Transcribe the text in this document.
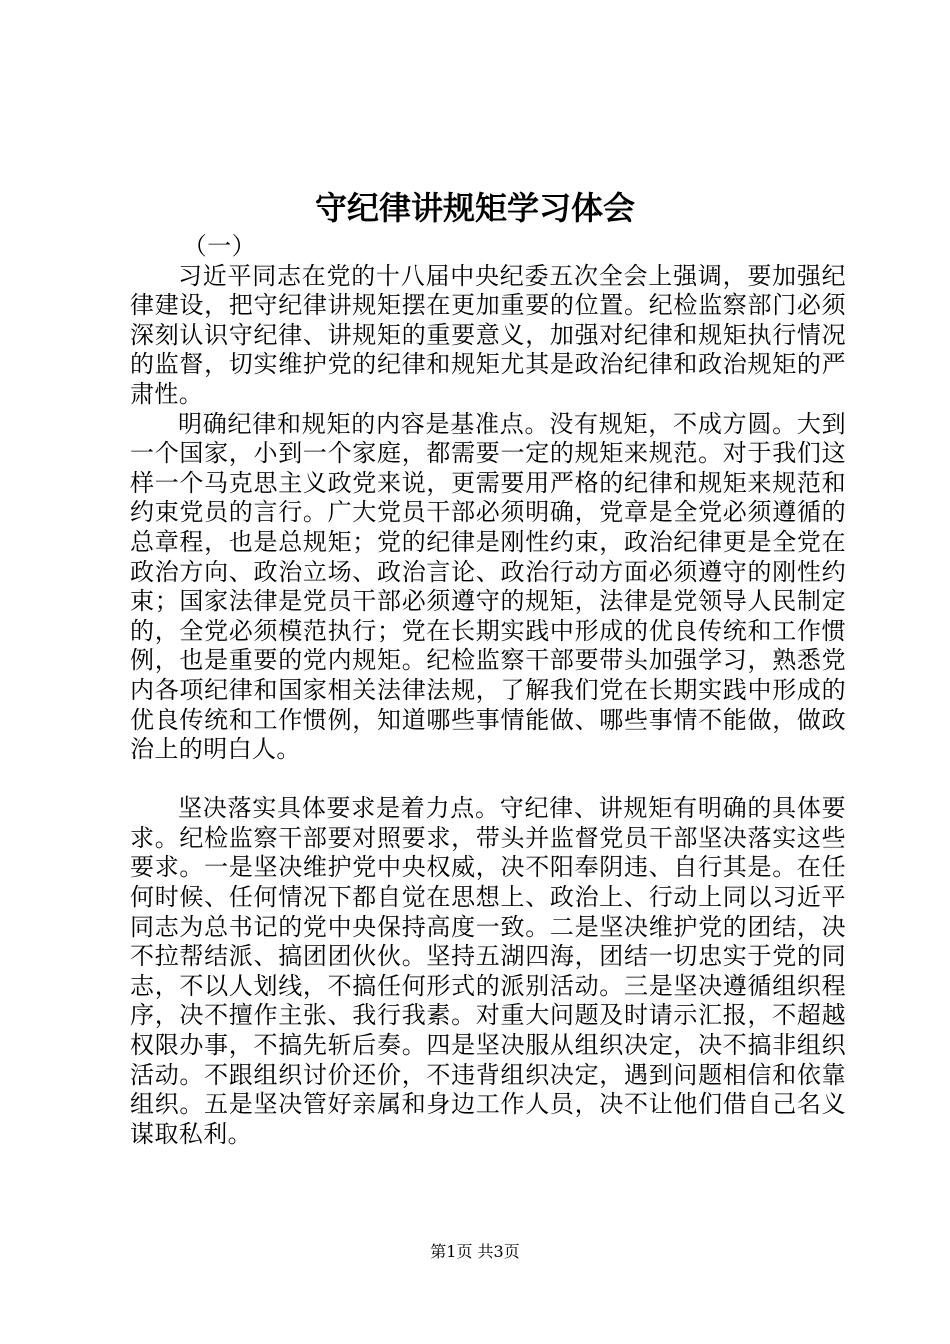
守纪律讲规矩学习体会

（一）

习近平同志在党的十八届中央纪委五次全会上强调，要加强纪律建设，把守纪律讲规矩摆在更加重要的位置。纪检监察部门必须深刻认识守纪律、讲规矩的重要意义，加强对纪律和规矩执行情况的监督，切实维护党的纪律和规矩尤其是政治纪律和政治规矩的严肃性。

明确纪律和规矩的内容是基准点。没有规矩，不成方圆。大到一个国家，小到一个家庭，都需要一定的规矩来规范。对于我们这样一个马克思主义政党来说，更需要用严格的纪律和规矩来规范和约束党员的言行。广大党员干部必须明确，党章是全党必须遵循的总章程，也是总规矩；党的纪律是刚性约束，政治纪律更是全党在政治方向、政治立场、政治言论、政治行动方面必须遵守的刚性约束；国家法律是党员干部必须遵守的规矩，法律是党领导人民制定的，全党必须模范执行；党在长期实践中形成的优良传统和工作惯例，也是重要的党内规矩。纪检监察干部要带头加强学习，熟悉党内各项纪律和国家相关法律法规，了解我们党在长期实践中形成的优良传统和工作惯例，知道哪些事情能做、哪些事情不能做，做政治上的明白人。

坚决落实具体要求是着力点。守纪律、讲规矩有明确的具体要求。纪检监察干部要对照要求，带头并监督党员干部坚决落实这些要求。一是坚决维护党中央权威，决不阳奉阴违、自行其是。在任何时候、任何情况下都自觉在思想上、政治上、行动上同以习近平同志为总书记的党中央保持高度一致。二是坚决维护党的团结，决不拉帮结派、搞团团伙伙。坚持五湖四海，团结一切忠实于党的同志，不以人划线，不搞任何形式的派别活动。三是坚决遵循组织程序，决不擅作主张、我行我素。对重大问题及时请示汇报，不超越权限办事，不搞先斩后奏。四是坚决服从组织决定，决不搞非组织活动。不跟组织讨价还价，不违背组织决定，遇到问题相信和依靠组织。五是坚决管好亲属和身边工作人员，决不让他们借自己名义谋取私利。

第1页 共3页
